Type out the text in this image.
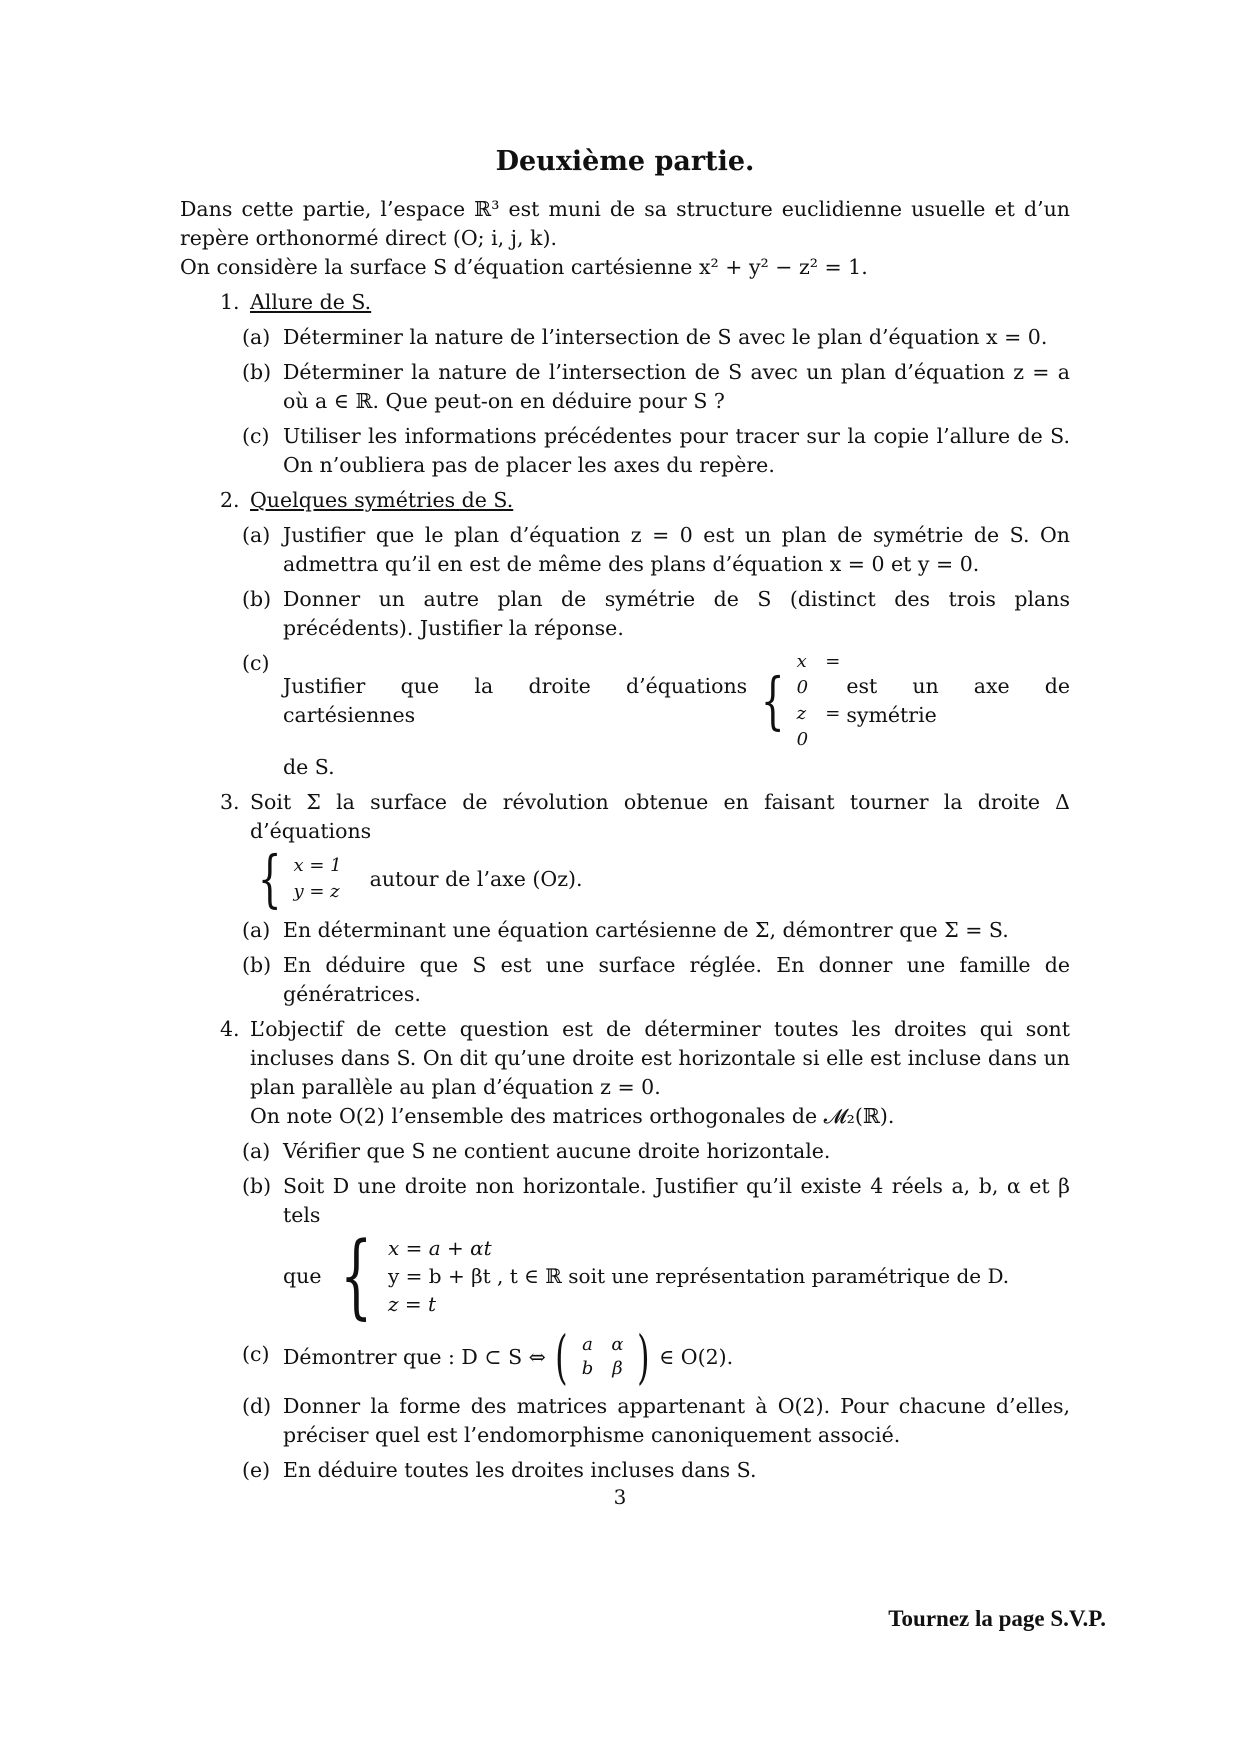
Deuxième partie.

Dans cette partie, l’espace ℝ³ est muni de sa structure euclidienne usuelle et d’un repère orthonormé direct (O; i, j, k).

On considère la surface S d’équation cartésienne x² + y² − z² = 1.

1. Allure de S.
(a) Déterminer la nature de l’intersection de S avec le plan d’équation x = 0.
(b) Déterminer la nature de l’intersection de S avec un plan d’équation z = a où a ∈ ℝ. Que peut-on en déduire pour S ?
(c) Utiliser les informations précédentes pour tracer sur la copie l’allure de S. On n’oubliera pas de placer les axes du repère.
2. Quelques symétries de S.
(a) Justifier que le plan d’équation z = 0 est un plan de symétrie de S. On admettra qu’il en est de même des plans d’équation x = 0 et y = 0.
(b) Donner un autre plan de symétrie de S (distinct des trois plans précédents). Justifier la réponse.
(c)
Justifier que la droite d’équations cartésiennes	{
x = 0
z = 0
est un axe de symétrie
de S.
3. Soit Σ la surface de révolution obtenue en faisant tourner la droite Δ d’équations
{ x = 1
y = z
autour de l’axe (Oz).
(a) En déterminant une équation cartésienne de Σ, démontrer que Σ = S.
(b) En déduire que S est une surface réglée. En donner une famille de génératrices.
4. L’objectif de cette question est de déterminer toutes les droites qui sont incluses dans S. On dit qu’une droite est horizontale si elle est incluse dans un plan parallèle au plan d’équation z = 0.
On note O(2) l’ensemble des matrices orthogonales de 𝓜₂(ℝ).
(a) Vérifier que S ne contient aucune droite horizontale.
(b) Soit D une droite non horizontale. Justifier qu’il existe 4 réels a, b, α et β tels
que { x = a + αt
y = b + βt , t ∈ ℝ soit une représentation paramétrique de D.
z = t
(c) Démontrer que : D ⊂ S ⇔ ( a	α
b	β ) ∈ O(2).
(d) Donner la forme des matrices appartenant à O(2). Pour chacune d’elles, préciser quel est l’endomorphisme canoniquement associé.
(e) En déduire toutes les droites incluses dans S.
3
Tournez la page S.V.P.
